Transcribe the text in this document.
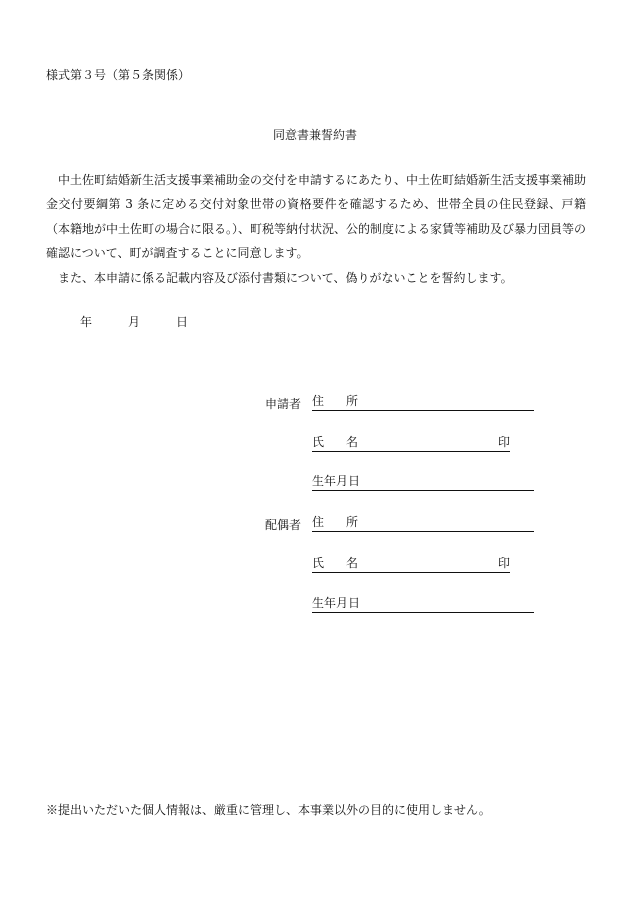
様式第３号（第５条関係）
同意書兼誓約書

中土佐町結婚新生活支援事業補助金の交付を申請するにあたり、中土佐町結婚新生活支援事業補助金交付要綱第 3 条に定める交付対象世帯の資格要件を確認するため、世帯全員の住民登録、戸籍（本籍地が中土佐町の場合に限る。）、町税等納付状況、公的制度による家賃等補助及び暴力団員等の確認について、町が調査することに同意します。

また、本申請に係る記載内容及び添付書類について、偽りがないことを誓約します。

年	月	日
申請者 住所
氏名	印
生年月日
配偶者 住所
氏名	印
生年月日
※提出いただいた個人情報は、厳重に管理し、本事業以外の目的に使用しません。
